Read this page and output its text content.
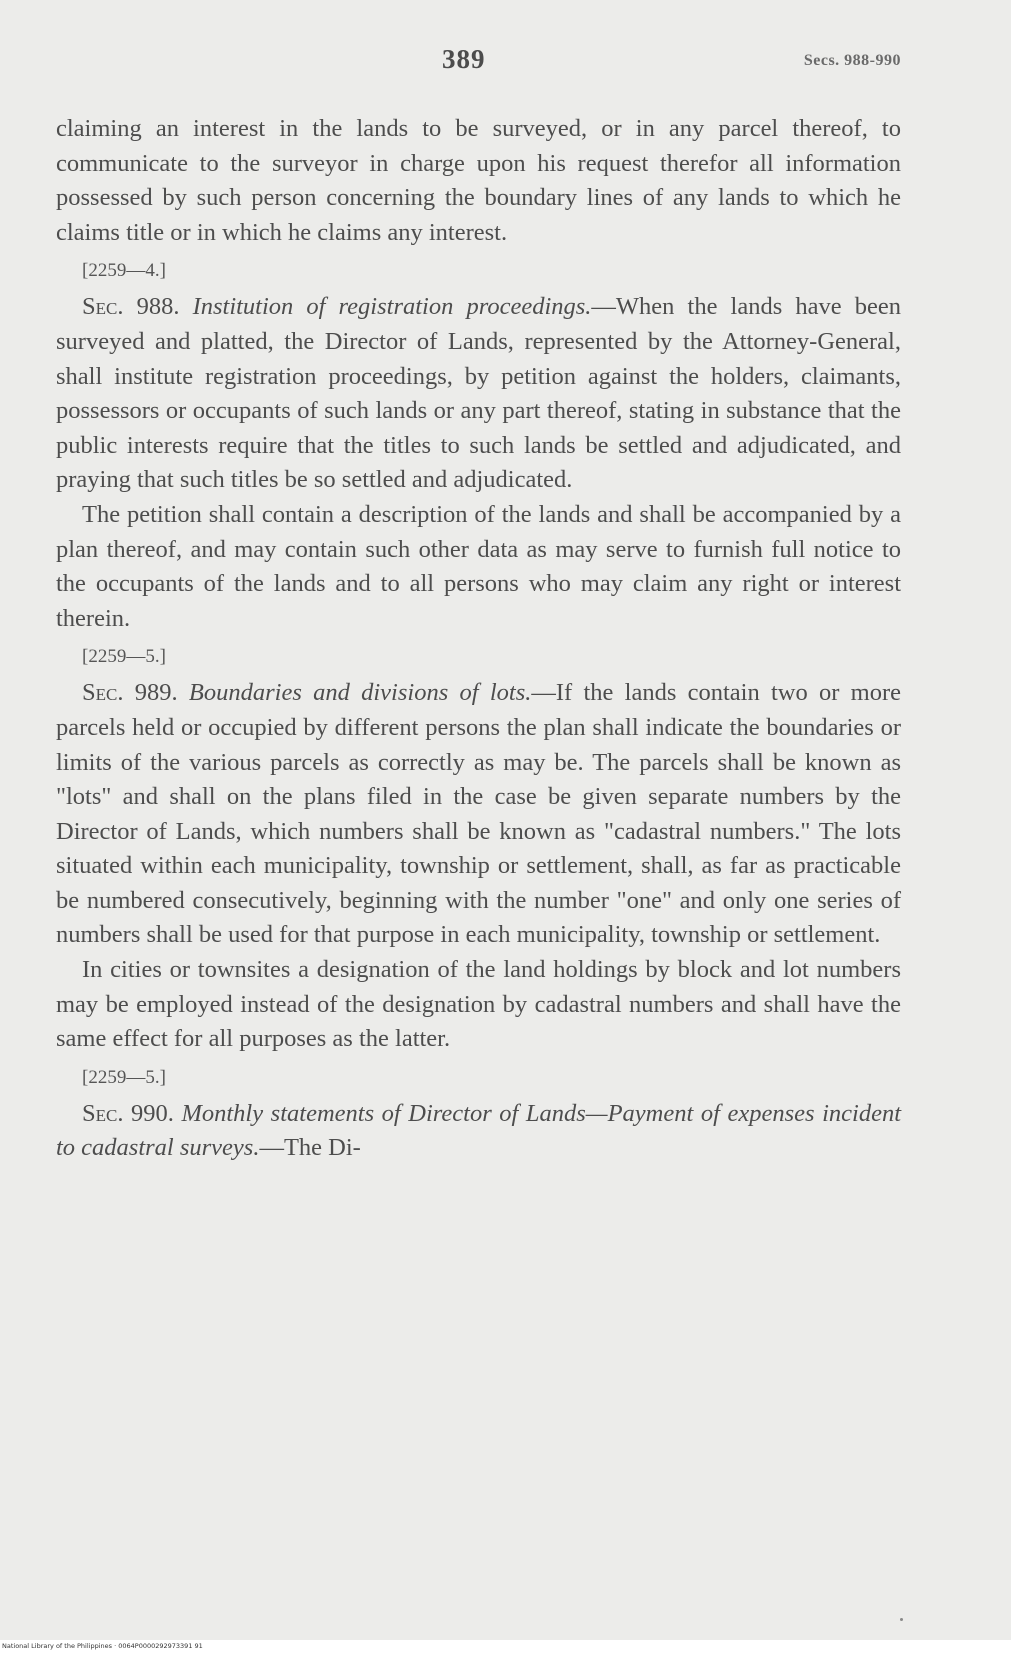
389	Secs. 988-990

claiming an interest in the lands to be surveyed, or in any parcel thereof, to communicate to the surveyor in charge upon his request therefor all information possessed by such person concerning the boundary lines of any lands to which he claims title or in which he claims any interest.

[2259—4.]

Sec. 988. Institution of registration proceedings.—When the lands have been surveyed and platted, the Director of Lands, represented by the Attorney-General, shall institute registration proceedings, by petition against the holders, claimants, possessors or occupants of such lands or any part thereof, stating in substance that the public interests require that the titles to such lands be settled and adjudicated, and praying that such titles be so settled and adjudicated.

The petition shall contain a description of the lands and shall be accompanied by a plan thereof, and may contain such other data as may serve to furnish full notice to the occupants of the lands and to all persons who may claim any right or interest therein.

[2259—5.]

Sec. 989. Boundaries and divisions of lots.—If the lands contain two or more parcels held or occupied by different persons the plan shall indicate the boundaries or limits of the various parcels as correctly as may be. The parcels shall be known as "lots" and shall on the plans filed in the case be given separate numbers by the Director of Lands, which numbers shall be known as "cadastral numbers." The lots situated within each municipality, township or settlement, shall, as far as practicable be numbered consecutively, beginning with the number "one" and only one series of numbers shall be used for that purpose in each municipality, township or settlement.

In cities or townsites a designation of the land holdings by block and lot numbers may be employed instead of the designation by cadastral numbers and shall have the same effect for all purposes as the latter.

[2259—5.]

Sec. 990. Monthly statements of Director of Lands—Payment of expenses incident to cadastral surveys.—The Di-

National Library of the Philippines · 0064P0000292973391 91
